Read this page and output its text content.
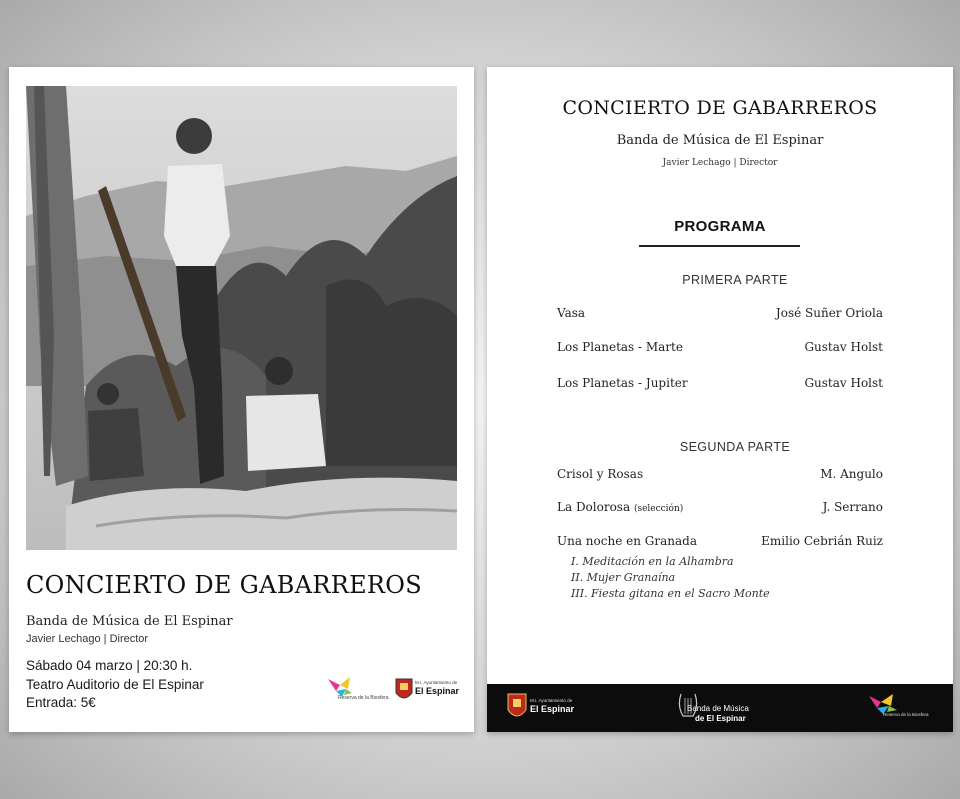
CONCIERTO DE GABARREROS
Banda de Música de El Espinar
Javier Lechago | Director
Sábado 04 marzo | 20:30 h.
Teatro Auditorio de El Espinar
Entrada: 5€	Reserva de la Biosfera
M.I. Ayuntamiento de
El Espinar
CONCIERTO DE GABARREROS
Banda de Música de El Espinar
Javier Lechago | Director
PROGRAMA
PRIMERA PARTE
Vasa	José Suñer Oriola
Los Planetas - Marte	Gustav Holst
Los Planetas - Jupiter	Gustav Holst
SEGUNDA PARTE
Crisol y Rosas	M. Angulo
La Dolorosa (selección)	J. Serrano
Una noche en Granada	Emilio Cebrián Ruiz
I. Meditación en la Alhambra
II. Mujer Granaína
III. Fiesta gitana en el Sacro Monte
M.I. Ayuntamiento de
El Espinar	Banda de Música
de El Espinar	Reserva de la Biosfera
